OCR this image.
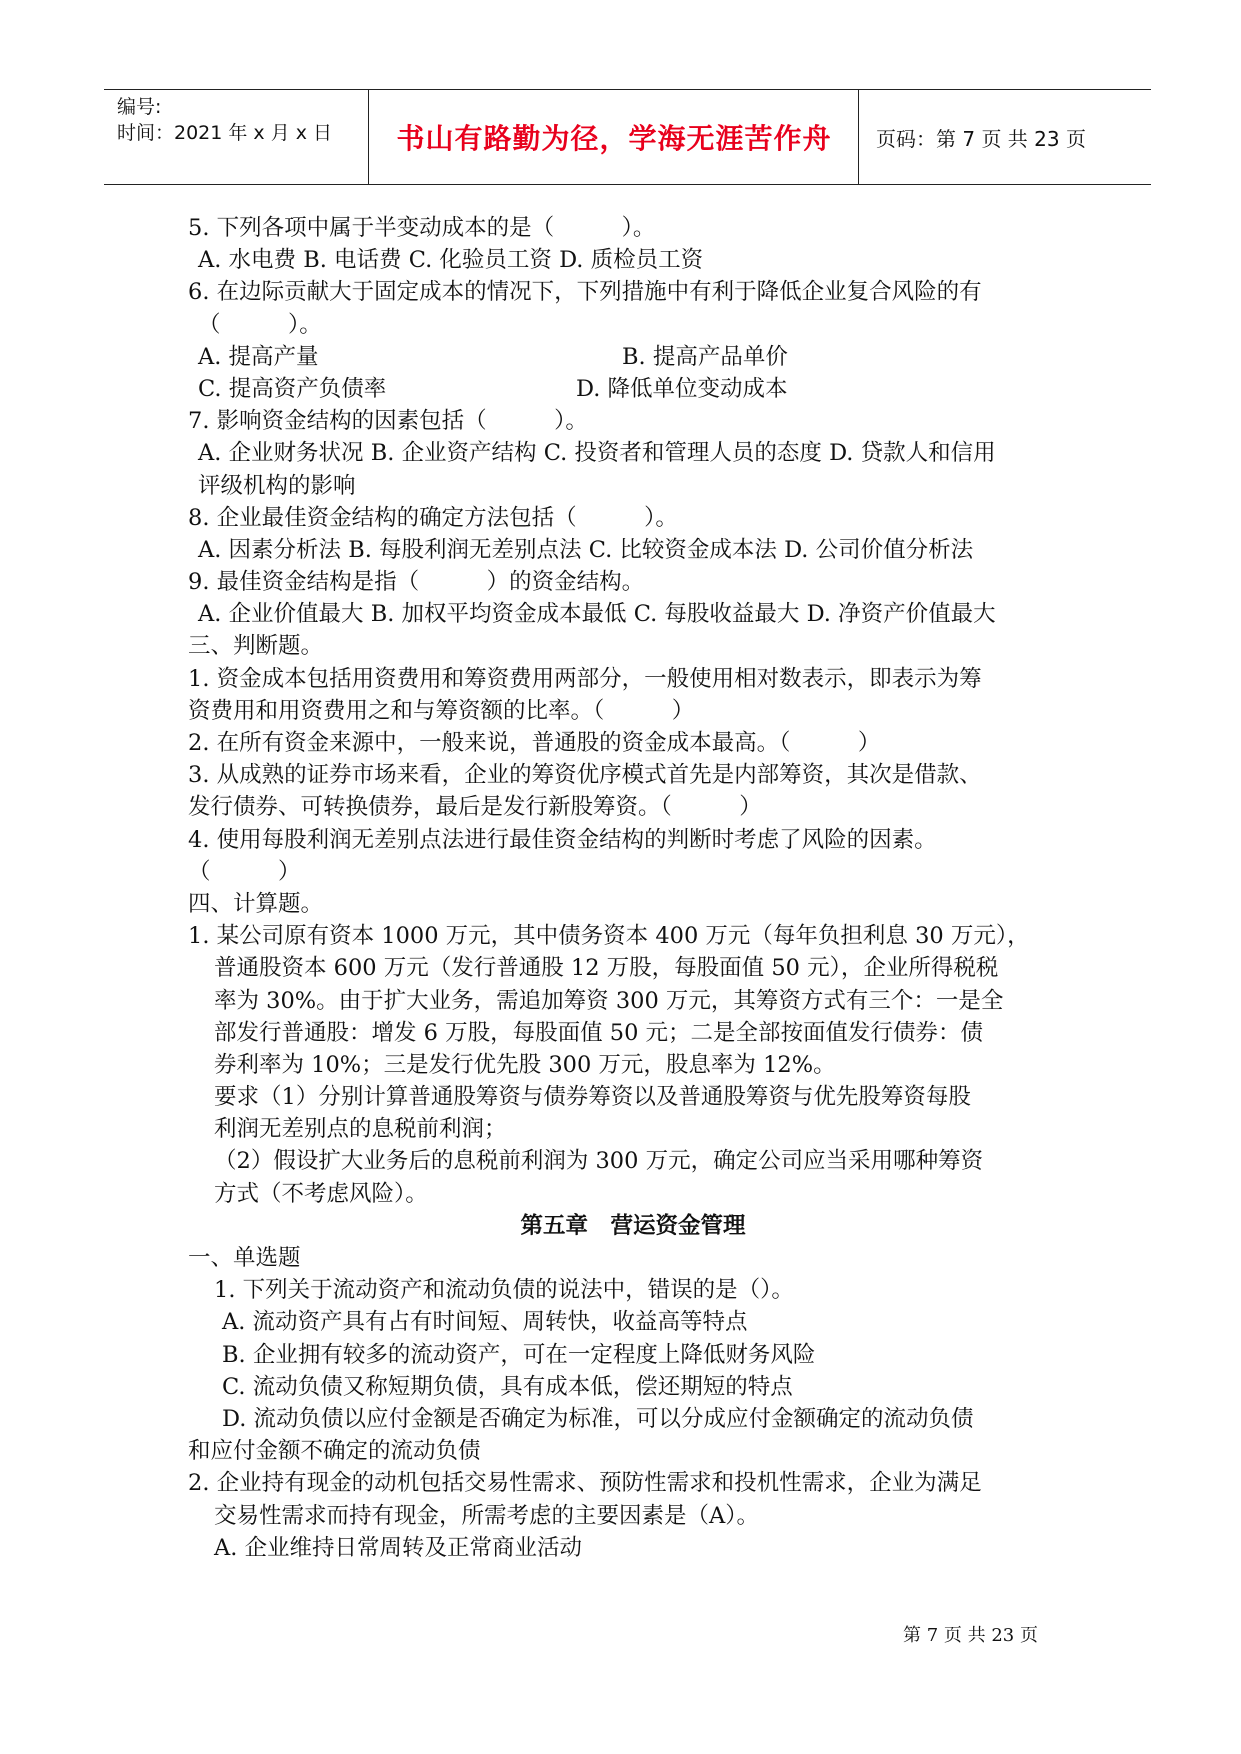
编号:
时间：2021 年 x 月 x 日	书山有路勤为径，学海无涯苦作舟	页码：第 7 页 共 23 页
5. 下列各项中属于半变动成本的是（　　　）。
A. 水电费 B. 电话费 C. 化验员工资 D. 质检员工资
6. 在边际贡献大于固定成本的情况下，下列措施中有利于降低企业复合风险的有
（　　　）。
A. 提高产量	B. 提高产品单价
C. 提高资产负债率	D. 降低单位变动成本
7. 影响资金结构的因素包括（　　　）。
A. 企业财务状况 B. 企业资产结构 C. 投资者和管理人员的态度 D. 贷款人和信用
评级机构的影响
8. 企业最佳资金结构的确定方法包括（　　　）。
A. 因素分析法 B. 每股利润无差别点法 C. 比较资金成本法 D. 公司价值分析法
9. 最佳资金结构是指（　　　）的资金结构。
A. 企业价值最大 B. 加权平均资金成本最低 C. 每股收益最大 D. 净资产价值最大
三、判断题。
1. 资金成本包括用资费用和筹资费用两部分，一般使用相对数表示，即表示为筹
资费用和用资费用之和与筹资额的比率。（　　　）
2. 在所有资金来源中，一般来说，普通股的资金成本最高。（　　　）
3. 从成熟的证券市场来看，企业的筹资优序模式首先是内部筹资，其次是借款、
发行债券、可转换债券，最后是发行新股筹资。（　　　）
4. 使用每股利润无差别点法进行最佳资金结构的判断时考虑了风险的因素。
（　　　）
四、计算题。
1. 某公司原有资本 1000 万元，其中债务资本 400 万元（每年负担利息 30 万元），
普通股资本 600 万元（发行普通股 12 万股，每股面值 50 元），企业所得税税
率为 30%。由于扩大业务，需追加筹资 300 万元，其筹资方式有三个：一是全
部发行普通股：增发 6 万股，每股面值 50 元；二是全部按面值发行债券：债
券利率为 10%；三是发行优先股 300 万元，股息率为 12%。
要求（1）分别计算普通股筹资与债券筹资以及普通股筹资与优先股筹资每股
利润无差别点的息税前利润；
（2）假设扩大业务后的息税前利润为 300 万元，确定公司应当采用哪种筹资
方式（不考虑风险）。
第五章　营运资金管理
一、单选题
1. 下列关于流动资产和流动负债的说法中，错误的是（）。
A. 流动资产具有占有时间短、周转快，收益高等特点
B. 企业拥有较多的流动资产，可在一定程度上降低财务风险
C. 流动负债又称短期负债，具有成本低，偿还期短的特点
D. 流动负债以应付金额是否确定为标准，可以分成应付金额确定的流动负债
和应付金额不确定的流动负债
2. 企业持有现金的动机包括交易性需求、预防性需求和投机性需求，企业为满足
交易性需求而持有现金，所需考虑的主要因素是（A）。
A. 企业维持日常周转及正常商业活动
第 7 页 共 23 页
